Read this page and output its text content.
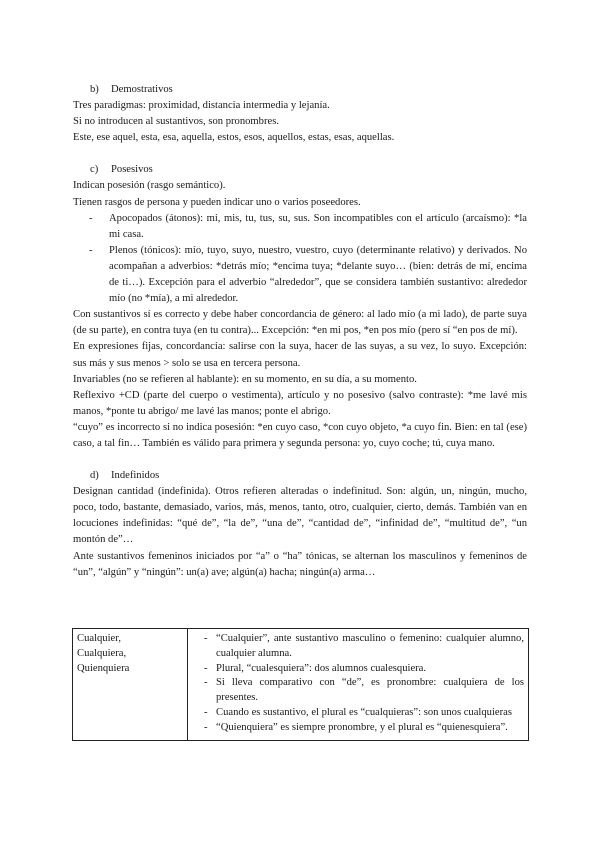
b)	Demostrativos
Tres paradigmas: proximidad, distancia intermedia y lejanía.
Si no introducen al sustantivos, son pronombres.
Este, ese aquel, esta, esa, aquella, estos, esos, aquellos, estas, esas, aquellas.
c)	Posesivos
Indican posesión (rasgo semántico).
Tienen rasgos de persona y pueden indicar uno o varios poseedores.
-	Apocopados (átonos): mi, mis, tu, tus, su, sus. Son incompatibles con el artículo (arcaísmo): *la mi casa.
-	Plenos (tónicos): mío, tuyo, suyo, nuestro, vuestro, cuyo (determinante relativo) y derivados. No acompañan a adverbios: *detrás mío; *encima tuya; *delante suyo… (bien: detrás de mí, encima de ti…). Excepción para el adverbio “alrededor”, que se considera también sustantivo: alrededor mío (no *mía), a mi alrededor.
Con sustantivos sí es correcto y debe haber concordancia de género: al lado mío (a mi lado), de parte suya (de su parte), en contra tuya (en tu contra)... Excepción: *en mi pos, *en pos mío (pero sí “en pos de mí).
En expresiones fijas, concordancia: salirse con la suya, hacer de las suyas, a su vez, lo suyo. Excepción: sus más y sus menos > solo se usa en tercera persona.
Invariables (no se refieren al hablante): en su momento, en su día, a su momento.
Reflexivo +CD (parte del cuerpo o vestimenta), artículo y no posesivo (salvo contraste): *me lavé mis manos, *ponte tu abrigo/ me lavé las manos; ponte el abrigo.
“cuyo” es incorrecto si no indica posesión: *en cuyo caso, *con cuyo objeto, *a cuyo fin. Bien: en tal (ese) caso, a tal fin… También es válido para primera y segunda persona: yo, cuyo coche; tú, cuya mano.
d)	Indefinidos
Designan cantidad (indefinida). Otros refieren alteradas o indefinitud. Son: algún, un, ningún, mucho, poco, todo, bastante, demasiado, varios, más, menos, tanto, otro, cualquier, cierto, demás. También van en locuciones indefinidas: “qué de”, “la de”, “una de”, “cantidad de”, “infinidad de”, “multitud de”, “un montón de”…
Ante sustantivos femeninos iniciados por “a” o “ha” tónicas, se alternan los masculinos y femeninos de “un”, “algún” y “ningún”: un(a) ave; algún(a) hacha; ningún(a) arma…
Cualquier,
Cualquiera,
Quienquiera

- “Cualquier”, ante sustantivo masculino o femenino: cualquier alumno, cualquier alumna.
- Plural, “cualesquiera”: dos alumnos cualesquiera.
- Si lleva comparativo con “de”, es pronombre: cualquiera de los presentes.
- Cuando es sustantivo, el plural es “cualquieras”: son unos cualquieras
- “Quienquiera” es siempre pronombre, y el plural es “quienesquiera”.
